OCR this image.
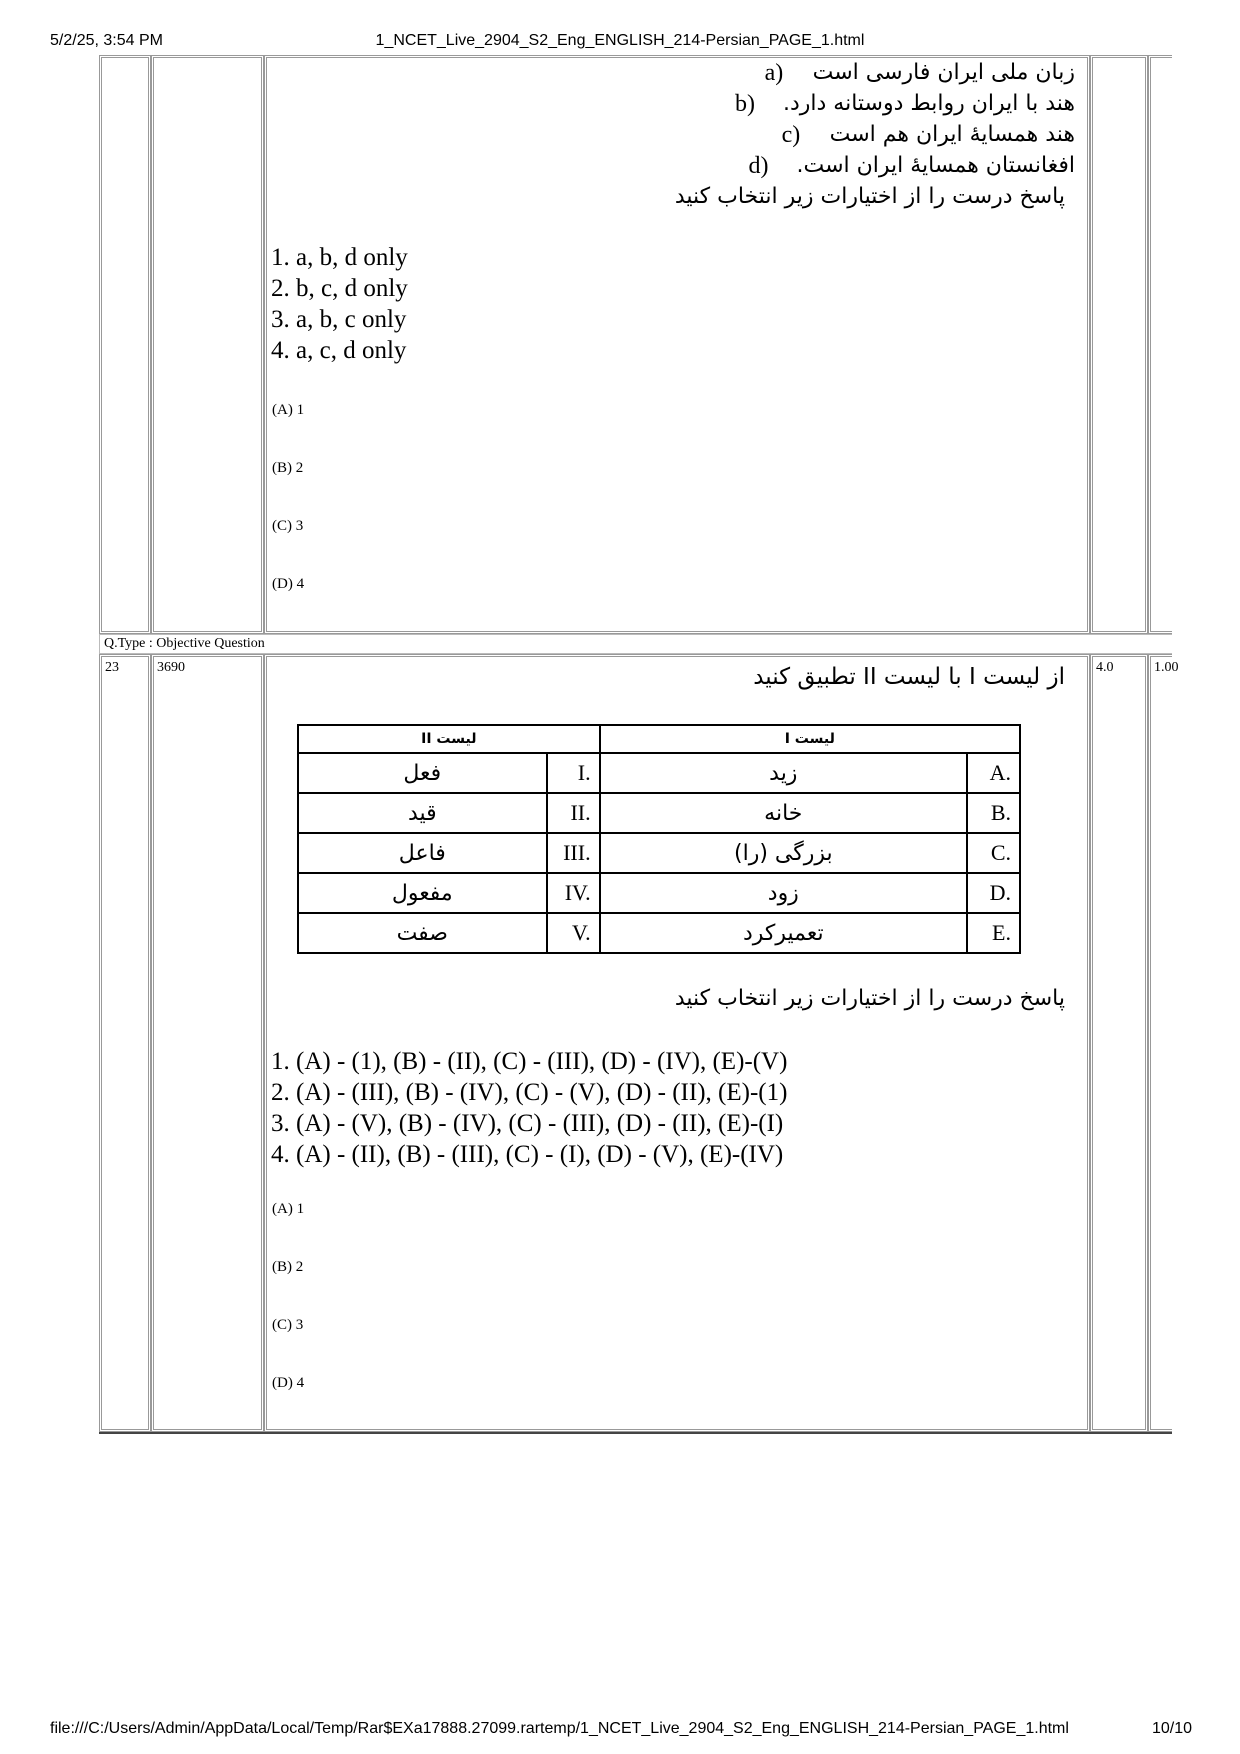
5/2/25, 3:54 PM	1_NCET_Live_2904_S2_Eng_ENGLISH_214-Persian_PAGE_1.html
زبان ملی ایران فارسی است
a)
هند با ایران روابط دوستانه دارد.
b)
هند همسایهٔ ایران هم است
c)
افغانستان همسایهٔ ایران است.
d)
پاسخ درست را از اختیارات زیر انتخاب کنید
1. a, b, d only
2. b, c, d only
3. a, b, c only
4. a, c, d only
(A) 1
(B) 2
(C) 3
(D) 4
Q.Type : Objective Question
23	3690	4.0	1.00
از لیست I با لیست II تطبیق کنید
لیست II		لیست I	
فعل	I.	زید	A.
قید	II.	خانه	B.
فاعل	III.	بزرگی (را)	C.
مفعول	IV.	زود	D.
صفت	V.	تعمیرکرد	E.
پاسخ درست را از اختیارات زیر انتخاب کنید
1. (A) - (1), (B) - (II), (C) - (III), (D) - (IV), (E)-(V)
2. (A) - (III), (B) - (IV), (C) - (V), (D) - (II), (E)-(1)
3. (A) - (V), (B) - (IV), (C) - (III), (D) - (II), (E)-(I)
4. (A) - (II), (B) - (III), (C) - (I), (D) - (V), (E)-(IV)
(A) 1
(B) 2
(C) 3
(D) 4
file:///C:/Users/Admin/AppData/Local/Temp/Rar$EXa17888.27099.rartemp/1_NCET_Live_2904_S2_Eng_ENGLISH_214-Persian_PAGE_1.html	10/10
